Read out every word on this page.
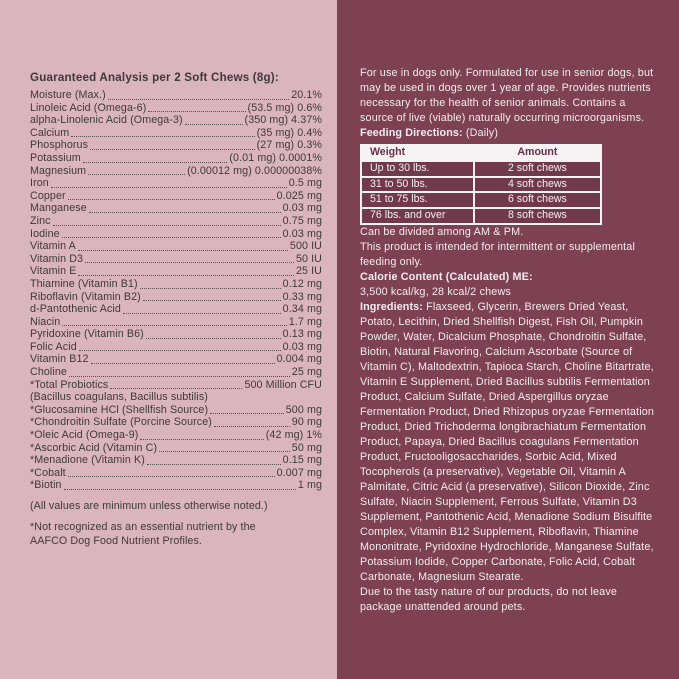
Guaranteed Analysis per 2 Soft Chews (8g):
Moisture (Max.)	20.1%
Linoleic Acid (Omega-6)	(53.5 mg) 0.6%
alpha-Linolenic Acid (Omega-3)	(350 mg) 4.37%
Calcium	(35 mg) 0.4%
Phosphorus	(27 mg) 0.3%
Potassium	(0.01 mg) 0.0001%
Magnesium	(0.00012 mg) 0.00000038%
Iron	0.5 mg
Copper	0.025 mg
Manganese	0.03 mg
Zinc	0.75 mg
Iodine	0.03 mg
Vitamin A	500 IU
Vitamin D3	50 IU
Vitamin E	25 IU
Thiamine (Vitamin B1)	0.12 mg
Riboflavin (Vitamin B2)	0.33 mg
d-Pantothenic Acid	0.34 mg
Niacin	1.7 mg
Pyridoxine (Vitamin B6)	0.13 mg
Folic Acid	0.03 mg
Vitamin B12	0.004 mg
Choline	25 mg
*Total Probiotics	500 Million CFU
(Bacillus coagulans, Bacillus subtilis)
*Glucosamine HCl (Shellfish Source)	500 mg
*Chondroitin Sulfate (Porcine Source)	90 mg
*Oleic Acid (Omega-9)	(42 mg) 1%
*Ascorbic Acid (Vitamin C)	50 mg
*Menadione (Vitamin K)	0.15 mg
*Cobalt	0.007 mg
*Biotin	1 mg
(All values are minimum unless otherwise noted.)
*Not recognized as an essential nutrient by the AAFCO Dog Food Nutrient Profiles.

For use in dogs only. Formulated for use in senior dogs, but may be used in dogs over 1 year of age. Provides nutrients necessary for the health of senior animals. Contains a source of live (viable) naturally occurring microorganisms.

Feeding Directions: (Daily)
Weight	Amount
Up to 30 lbs.	2 soft chews
31 to 50 lbs.	4 soft chews
51 to 75 lbs.	6 soft chews
76 lbs. and over	8 soft chews

Can be divided among AM & PM.

This product is intended for intermittent or supplemental feeding only.

Calorie Content (Calculated) ME:

3,500 kcal/kg, 28 kcal/2 chews

Ingredients: Flaxseed, Glycerin, Brewers Dried Yeast, Potato, Lecithin, Dried Shellfish Digest, Fish Oil, Pumpkin Powder, Water, Dicalcium Phosphate, Chondroitin Sulfate, Biotin, Natural Flavoring, Calcium Ascorbate (Source of Vitamin C), Maltodextrin, Tapioca Starch, Choline Bitartrate, Vitamin E Supplement, Dried Bacillus subtilis Fermentation Product, Calcium Sulfate, Dried Aspergillus oryzae Fermentation Product, Dried Rhizopus oryzae Fermentation Product, Dried Trichoderma longibrachiatum Fermentation Product, Papaya, Dried Bacillus coagulans Fermentation Product, Fructooligosaccharides, Sorbic Acid, Mixed Tocopherols (a preservative), Vegetable Oil, Vitamin A Palmitate, Citric Acid (a preservative), Silicon Dioxide, Zinc Sulfate, Niacin Supplement, Ferrous Sulfate, Vitamin D3 Supplement, Pantothenic Acid, Menadione Sodium Bisulfite Complex, Vitamin B12 Supplement, Riboflavin, Thiamine Mononitrate, Pyridoxine Hydrochloride, Manganese Sulfate, Potassium Iodide, Copper Carbonate, Folic Acid, Cobalt Carbonate, Magnesium Stearate.

Due to the tasty nature of our products, do not leave package unattended around pets.
